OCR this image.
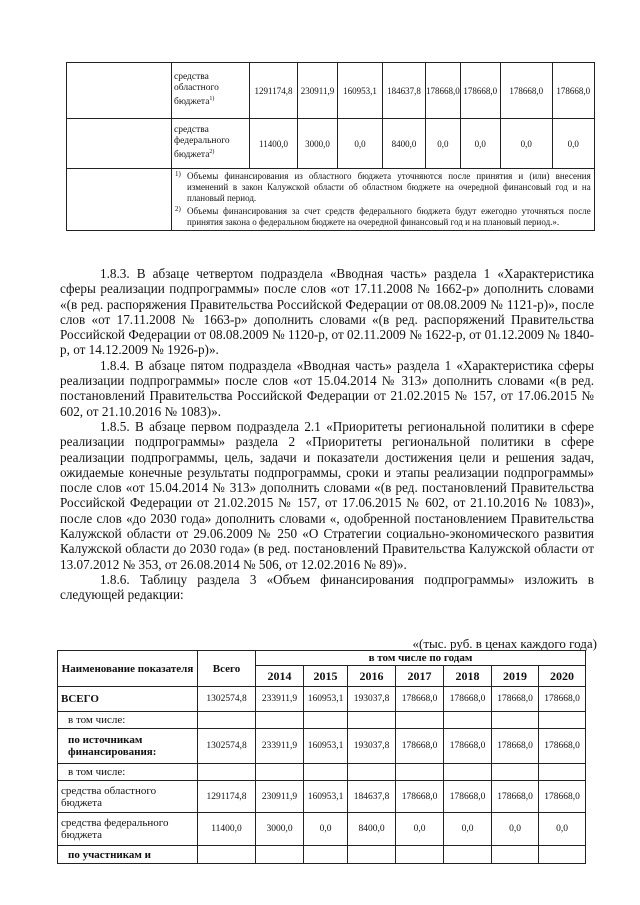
	средства областного бюджета$^{1)}$	1291174,8	230911,9	160953,1	184637,8	178668,0	178668,0	178668,0	178668,0
	средства федерального бюджета$^{2)}$	11400,0	3000,0	0,0	8400,0	0,0	0,0	0,0	0,0

	1) Объемы финансирования из областного бюджета уточняются после принятия и (или) внесения изменений в закон Калужской области об областном бюджете на очередной финансовый год и на плановый период.
2) Объемы финансирования за счет средств федерального бюджета будут ежегодно уточняться после принятия закона о федеральном бюджете на очередной финансовый год и на плановый период.».								

1.8.3. В абзаце четвертом подраздела «Вводная часть» раздела 1 «Характеристика сферы реализации подпрограммы» после слов «от 17.11.2008 № 1662-р» дополнить словами «(в ред. распоряжения Правительства Российской Федерации от 08.08.2009 № 1121-р)», после слов «от 17.11.2008 № 1663-р» дополнить словами «(в ред. распоряжений Правительства Российской Федерации от 08.08.2009 № 1120-р, от 02.11.2009 № 1622-р, от 01.12.2009 № 1840-р, от 14.12.2009 № 1926-р)».

1.8.4. В абзаце пятом подраздела «Вводная часть» раздела 1 «Характеристика сферы реализации подпрограммы» после слов «от 15.04.2014 № 313» дополнить словами «(в ред. постановлений Правительства Российской Федерации от 21.02.2015 № 157, от 17.06.2015 № 602, от 21.10.2016 № 1083)».

1.8.5. В абзаце первом подраздела 2.1 «Приоритеты региональной политики в сфере реализации подпрограммы» раздела 2 «Приоритеты региональной политики в сфере реализации подпрограммы, цель, задачи и показатели достижения цели и решения задач, ожидаемые конечные результаты подпрограммы, сроки и этапы реализации подпрограммы» после слов «от 15.04.2014 № 313» дополнить словами «(в ред. постановлений Правительства Российской Федерации от 21.02.2015 № 157, от 17.06.2015 № 602, от 21.10.2016 № 1083)», после слов «до 2030 года» дополнить словами «, одобренной постановлением Правительства Калужской области от 29.06.2009 № 250 «О Стратегии социально-экономического развития Калужской области до 2030 года» (в ред. постановлений Правительства Калужской области от 13.07.2012 № 353, от 26.08.2014 № 506, от 12.02.2016 № 89)».

1.8.6. Таблицу раздела 3 «Объем финансирования подпрограммы» изложить в следующей редакции:

«(тыс. руб. в ценах каждого года)
Наименование показателя	Всего	в том числе по годам						
		2014	2015	2016	2017	2018	2019	2020
ВСЕГО	1302574,8	233911,9	160953,1	193037,8	178668,0	178668,0	178668,0	178668,0
в том числе:								
по источникам финансирования:	1302574,8	233911,9	160953,1	193037,8	178668,0	178668,0	178668,0	178668,0
в том числе:								
средства областного бюджета	1291174,8	230911,9	160953,1	184637,8	178668,0	178668,0	178668,0	178668,0
средства федерального бюджета	11400,0	3000,0	0,0	8400,0	0,0	0,0	0,0	0,0
по участникам и								
